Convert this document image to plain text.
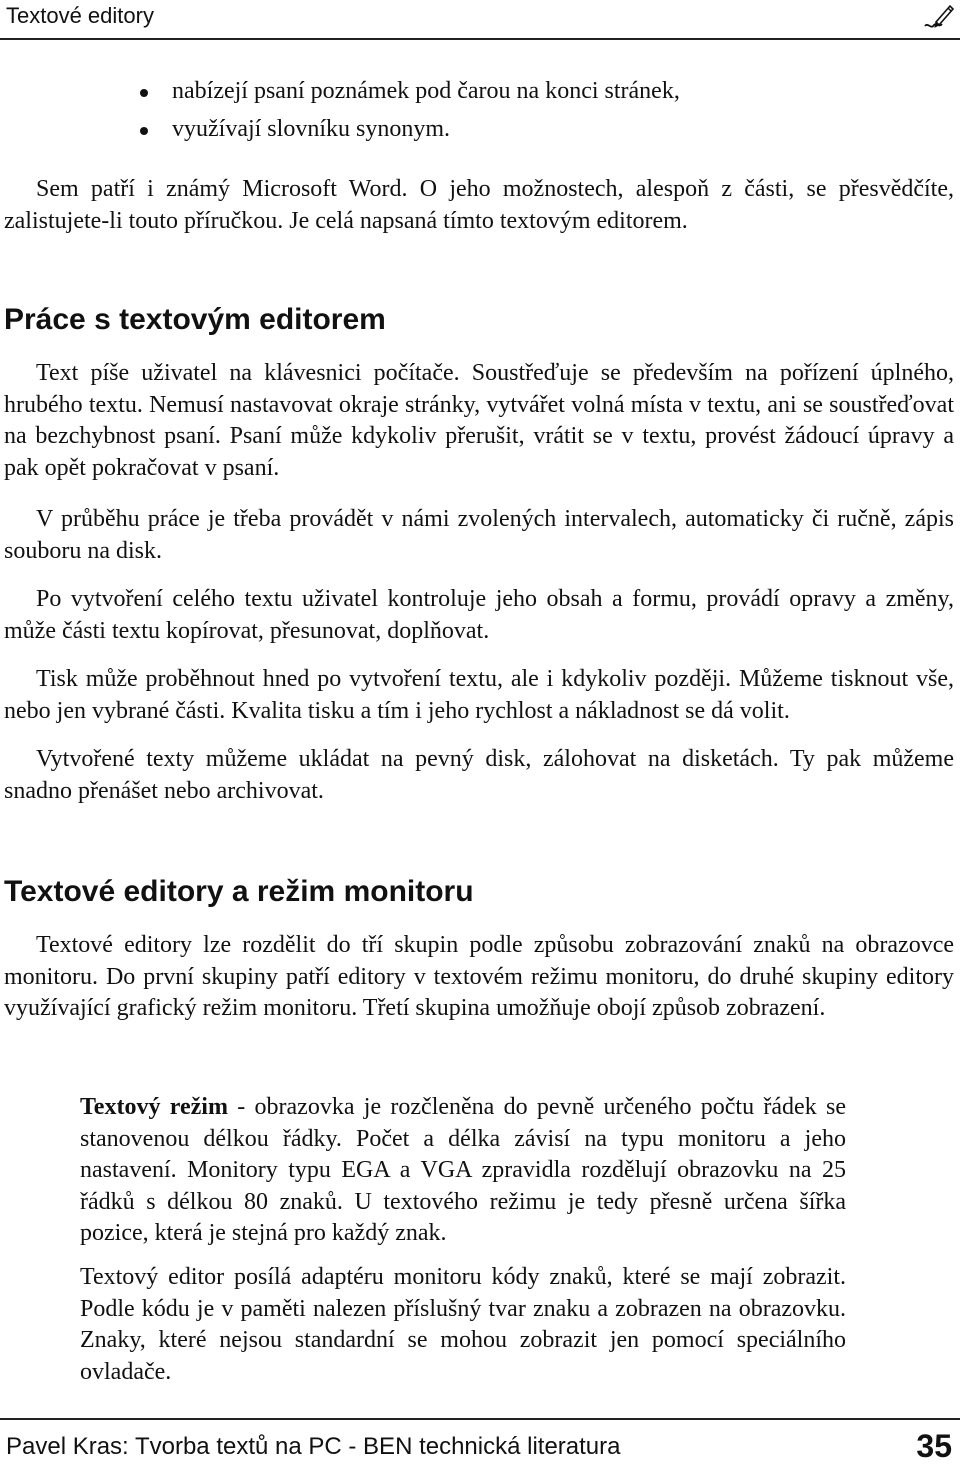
Textové editory
nabízejí psaní poznámek pod čarou na konci stránek,
využívají slovníku synonym.

Sem patří i známý Microsoft Word. O jeho možnostech, alespoň z části, se přesvědčíte, zalistujete-li touto příručkou. Je celá napsaná tímto textovým editorem.

Práce s textovým editorem

Text píše uživatel na klávesnici počítače. Soustřeďuje se především na pořízení úplného, hrubého textu. Nemusí nastavovat okraje stránky, vytvářet volná místa v textu, ani se soustřeďovat na bezchybnost psaní. Psaní může kdykoliv přerušit, vrátit se v textu, provést žádoucí úpravy a pak opět pokračovat v psaní.

V průběhu práce je třeba provádět v námi zvolených intervalech, automaticky či ručně, zápis souboru na disk.

Po vytvoření celého textu uživatel kontroluje jeho obsah a formu, provádí opravy a změny, může části textu kopírovat, přesunovat, doplňovat.

Tisk může proběhnout hned po vytvoření textu, ale i kdykoliv později. Můžeme tisknout vše, nebo jen vybrané části. Kvalita tisku a tím i jeho rychlost a nákladnost se dá volit.

Vytvořené texty můžeme ukládat na pevný disk, zálohovat na disketách. Ty pak můžeme snadno přenášet nebo archivovat.

Textové editory a režim monitoru

Textové editory lze rozdělit do tří skupin podle způsobu zobrazování znaků na obrazovce monitoru. Do první skupiny patří editory v textovém režimu monitoru, do druhé skupiny editory využívající grafický režim monitoru. Třetí skupina umožňuje obojí způsob zobrazení.

Textový režim - obrazovka je rozčleněna do pevně určeného počtu řádek se stanovenou délkou řádky. Počet a délka závisí na typu monitoru a jeho nastavení. Monitory typu EGA a VGA zpravidla rozdělují obrazovku na 25 řádků s délkou 80 znaků. U textového režimu je tedy přesně určena šířka pozice, která je stejná pro každý znak.

Textový editor posílá adaptéru monitoru kódy znaků, které se mají zobrazit. Podle kódu je v paměti nalezen příslušný tvar znaku a zobrazen na obrazovku. Znaky, které nejsou standardní se mohou zobrazit jen pomocí speciálního ovladače.

Pavel Kras: Tvorba textů na PC - BEN technická literatura	35
